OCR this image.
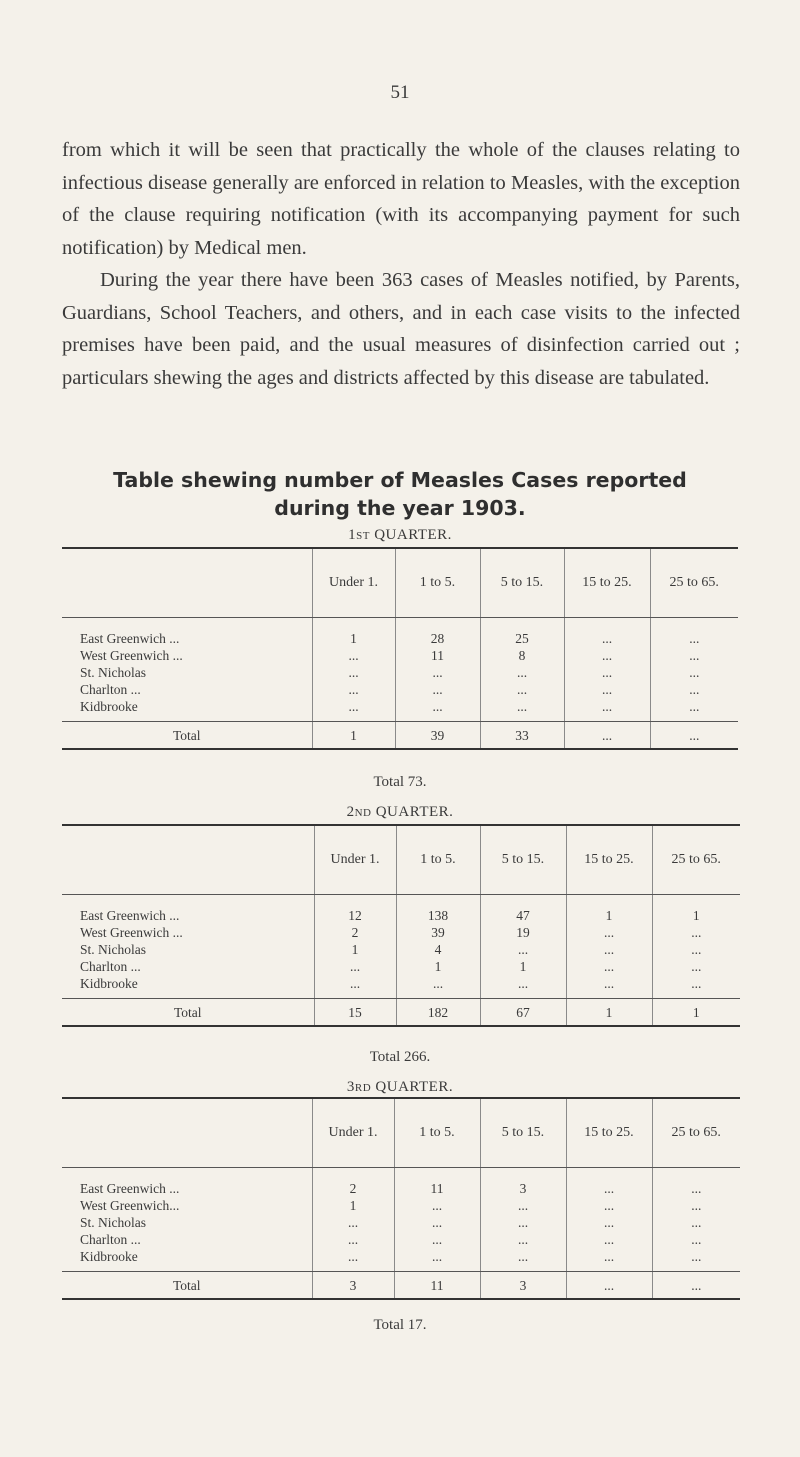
51

from which it will be seen that practically the whole of the clauses relating to infectious disease generally are enforced in relation to Measles, with the exception of the clause requiring notification (with its accompanying payment for such notification) by Medical men.

During the year there have been 363 cases of Measles notified, by Parents, Guardians, School Teachers, and others, and in each case visits to the infected premises have been paid, and the usual measures of disinfection carried out ; particulars shewing the ages and districts affected by this disease are tabulated.

Table shewing number of Measles Cases reported
during the year 1903.
1ST QUARTER.
	Under 1.	1 to 5.	5 to 15.	15 to 25.	25 to 65.
East Greenwich ...	1	28	25	...	...
West Greenwich ...	...	11	8	...	...
St. Nicholas	...	...	...	...	...
Charlton ...	...	...	...	...	...
Kidbrooke	...	...	...	...	...
Total	1	39	33	...	...
Total 73.
2ND QUARTER.
	Under 1.	1 to 5.	5 to 15.	15 to 25.	25 to 65.
East Greenwich ...	12	138	47	1	1
West Greenwich ...	2	39	19	...	...
St. Nicholas	1	4	...	...	...
Charlton ...	...	1	1	...	...
Kidbrooke	...	...	...	...	...
Total	15	182	67	1	1
Total 266.
3RD QUARTER.
	Under 1.	1 to 5.	5 to 15.	15 to 25.	25 to 65.
East Greenwich ...	2	11	3	...	...
West Greenwich...	1	...	...	...	...
St. Nicholas	...	...	...	...	...
Charlton ...	...	...	...	...	...
Kidbrooke	...	...	...	...	...
Total	3	11	3	...	...
Total 17.
